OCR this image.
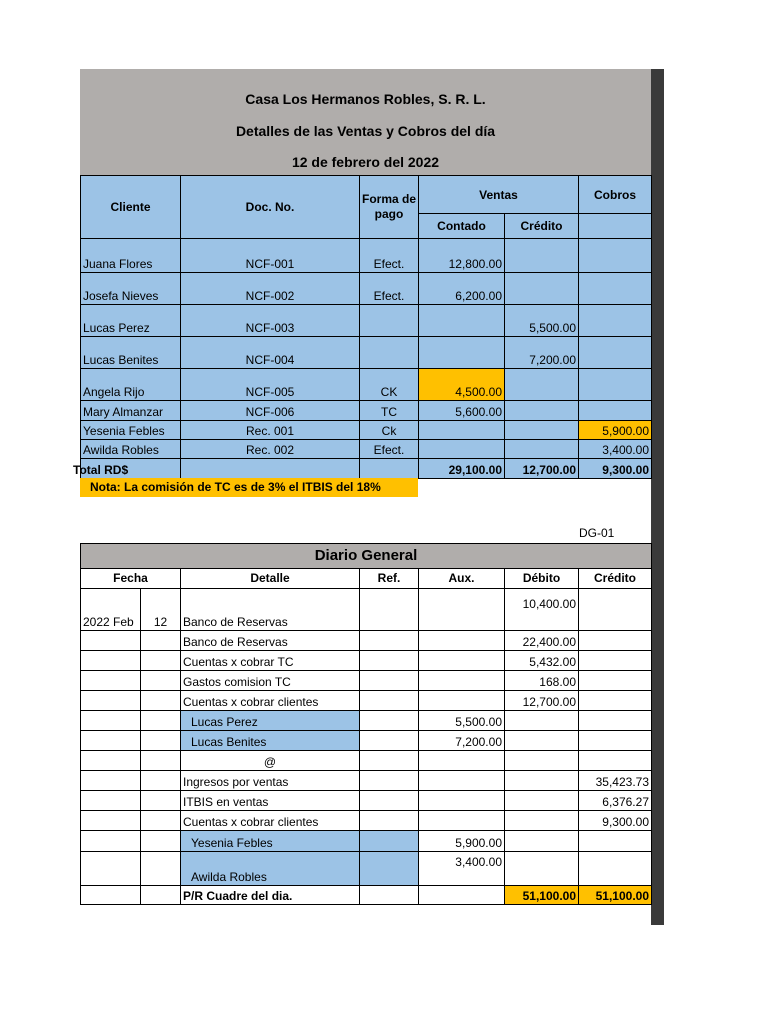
Casa Los Hermanos Robles, S. R. L.
Detalles de las Ventas y Cobros del día
12 de febrero del 2022
Cliente	Doc. No.	Forma de pago	Ventas		Cobros
			Contado	Crédito	
Juana Flores	NCF-001	Efect.	12,800.00		
Josefa Nieves	NCF-002	Efect.	6,200.00		
Lucas Perez	NCF-003			5,500.00	
Lucas Benites	NCF-004			7,200.00	
Angela Rijo	NCF-005	CK	4,500.00		
Mary Almanzar	NCF-006	TC	5,600.00		
Yesenia Febles	Rec. 001	Ck			5,900.00
Awilda Robles	Rec. 002	Efect.			3,400.00
Total RD$			29,100.00	12,700.00	9,300.00
Nota: La comisión de TC es de 3% el ITBIS del 18%
DG-01
Diario General						
Fecha		Detalle	Ref.	Aux.	Débito	Crédito
2022 Feb	12	Banco de Reservas			10,400.00	
		Banco de Reservas			22,400.00	
		Cuentas x cobrar TC			5,432.00	
		Gastos comision TC			168.00	
		Cuentas x cobrar clientes			12,700.00	
		Lucas Perez		5,500.00		
		Lucas Benites		7,200.00		
		@				
		Ingresos por ventas				35,423.73
		ITBIS en ventas				6,376.27
		Cuentas x cobrar clientes				9,300.00
		Yesenia Febles		5,900.00		
		Awilda Robles		3,400.00		
		P/R Cuadre del dia.			51,100.00	51,100.00
